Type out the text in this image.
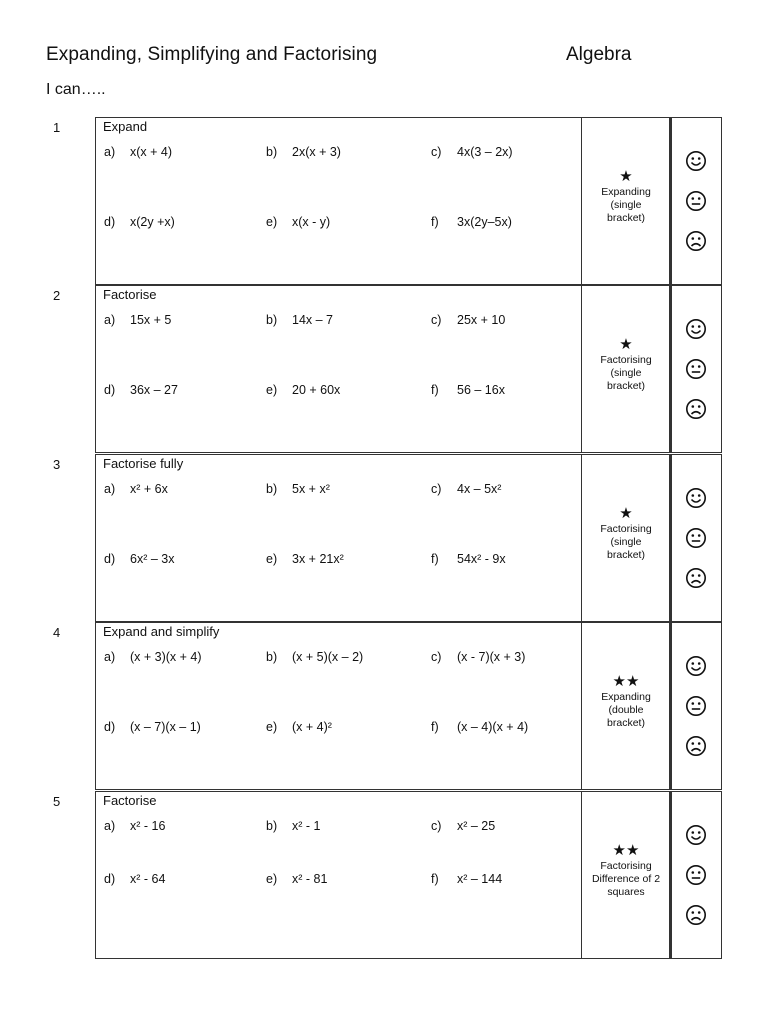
Expanding, Simplifying and Factorising	Algebra
I can…..
1	Expand
a) x(x + 4)	b) 2x(x + 3)	c) 4x(3 – 2x)
d) x(2y +x)	e) x(x - y)	f) 3x(2y–5x)
★
Expanding
(single
bracket)
2	Factorise
a) 15x + 5	b) 14x – 7	c) 25x + 10
d) 36x – 27	e) 20 + 60x	f) 56 – 16x
★
Factorising
(single
bracket)
3	Factorise fully
a) x² + 6x	b) 5x + x²	c) 4x – 5x²
d) 6x² – 3x	e) 3x + 21x²	f) 54x² - 9x
★
Factorising
(single
bracket)
4	Expand and simplify
a) (x + 3)(x + 4)	b) (x + 5)(x – 2)	c) (x - 7)(x + 3)
d) (x – 7)(x – 1)	e) (x + 4)²	f) (x – 4)(x + 4)
★★
Expanding
(double
bracket)
5	Factorise
a) x² - 16	b) x² - 1	c) x² – 25
d) x² - 64	e) x² - 81	f) x² – 144
★★
Factorising
Difference of 2
squares
